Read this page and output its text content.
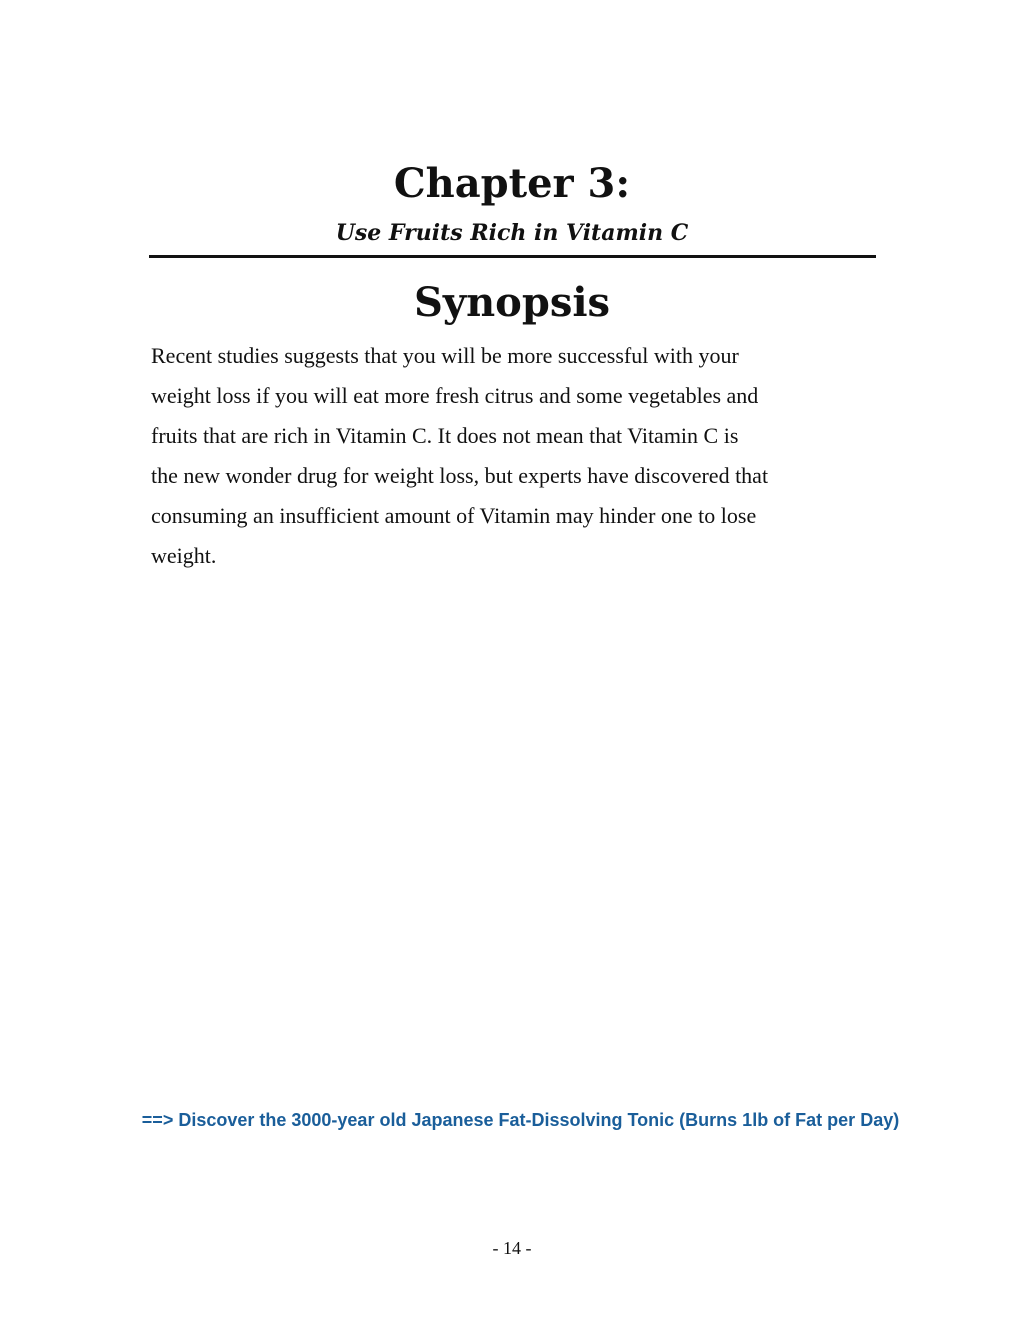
Chapter 3:
Use Fruits Rich in Vitamin C
Synopsis

Recent studies suggests that you will be more successful with your
weight loss if you will eat more fresh citrus and some vegetables and
fruits that are rich in Vitamin C. It does not mean that Vitamin C is
the new wonder drug for weight loss, but experts have discovered that
consuming an insufficient amount of Vitamin may hinder one to lose
weight.

==> Discover the 3000-year old Japanese Fat-Dissolving Tonic (Burns 1lb of Fat per Day)
- 14 -
